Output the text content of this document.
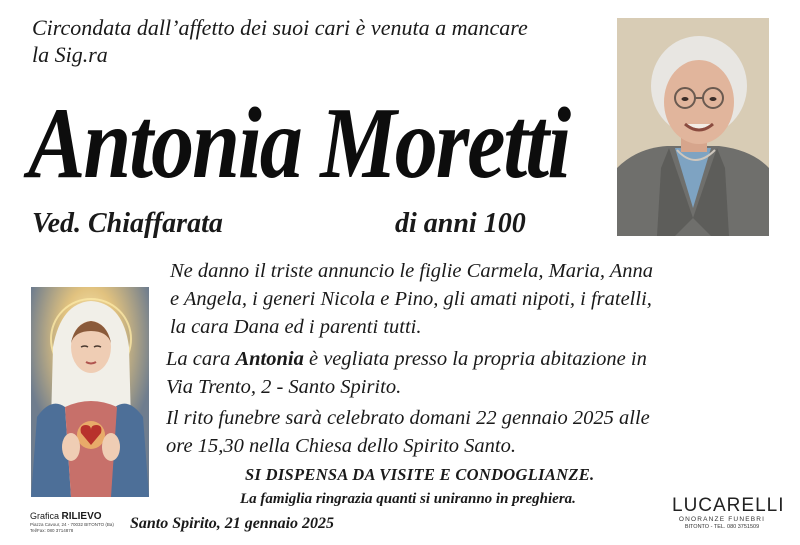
Circondata dall’affetto dei suoi cari è venuta a mancare
la Sig.ra
Antonia Moretti
Ved. Chiaffarata	di anni 100
Ne danno il triste annuncio le figlie Carmela, Maria, Anna
e Angela, i generi Nicola e Pino, gli amati nipoti, i fratelli,
la cara Dana ed i parenti tutti.
La cara Antonia è vegliata presso la propria abitazione in
Via Trento, 2 - Santo Spirito.
Il rito funebre sarà celebrato domani 22 gennaio 2025 alle
ore 15,30 nella Chiesa dello Spirito Santo.
SI DISPENSA DA VISITE E CONDOGLIANZE.
La famiglia ringrazia quanti si uniranno in preghiera.
Santo Spirito, 21 gennaio 2025
Grafica RILIEVO
Piazza Cavour, 24 - 70032 BITONTO (Ba)
Tel/Fax: 080 3714878
LUCARELLI
ONORANZE FUNEBRI
BITONTO - TEL. 080 3751509
